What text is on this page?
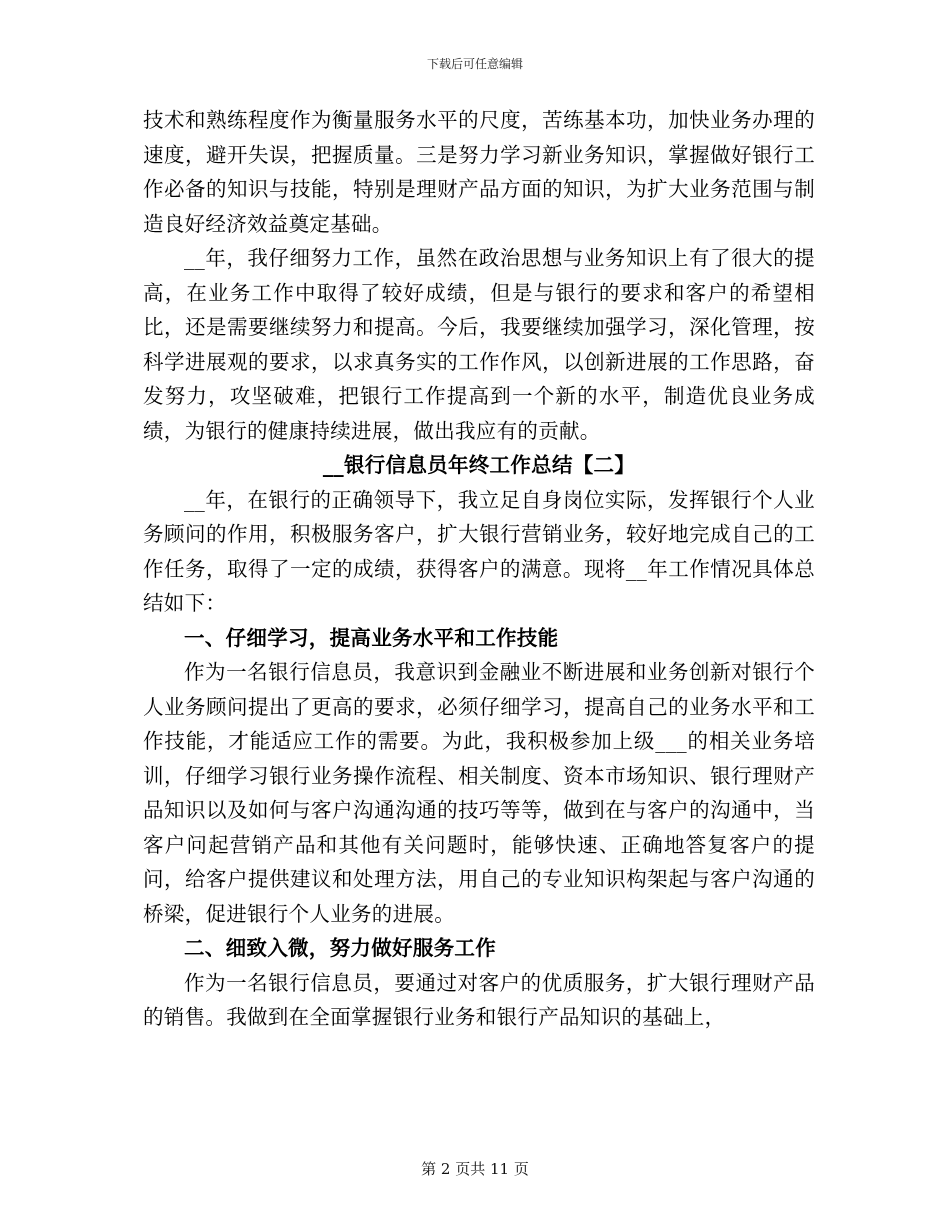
下载后可任意编辑

技术和熟练程度作为衡量服务水平的尺度，苦练基本功，加快业务办理的速度，避开失误，把握质量。三是努力学习新业务知识，掌握做好银行工作必备的知识与技能，特别是理财产品方面的知识，为扩大业务范围与制造良好经济效益奠定基础。

__年，我仔细努力工作，虽然在政治思想与业务知识上有了很大的提高，在业务工作中取得了较好成绩，但是与银行的要求和客户的希望相比，还是需要继续努力和提高。今后，我要继续加强学习，深化管理，按科学进展观的要求，以求真务实的工作作风，以创新进展的工作思路，奋发努力，攻坚破难，把银行工作提高到一个新的水平，制造优良业务成绩，为银行的健康持续进展，做出我应有的贡献。

__银行信息员年终工作总结【二】

__年，在银行的正确领导下，我立足自身岗位实际，发挥银行个人业务顾问的作用，积极服务客户，扩大银行营销业务，较好地完成自己的工作任务，取得了一定的成绩，获得客户的满意。现将__年工作情况具体总结如下：

一、仔细学习，提高业务水平和工作技能

作为一名银行信息员，我意识到金融业不断进展和业务创新对银行个人业务顾问提出了更高的要求，必须仔细学习，提高自己的业务水平和工作技能，才能适应工作的需要。为此，我积极参加上级___的相关业务培训，仔细学习银行业务操作流程、相关制度、资本市场知识、银行理财产品知识以及如何与客户沟通沟通的技巧等等，做到在与客户的沟通中，当客户问起营销产品和其他有关问题时，能够快速、正确地答复客户的提问，给客户提供建议和处理方法，用自己的专业知识构架起与客户沟通的桥梁，促进银行个人业务的进展。

二、细致入微，努力做好服务工作

作为一名银行信息员，要通过对客户的优质服务，扩大银行理财产品的销售。我做到在全面掌握银行业务和银行产品知识的基础上，

第 2 页共 11 页
